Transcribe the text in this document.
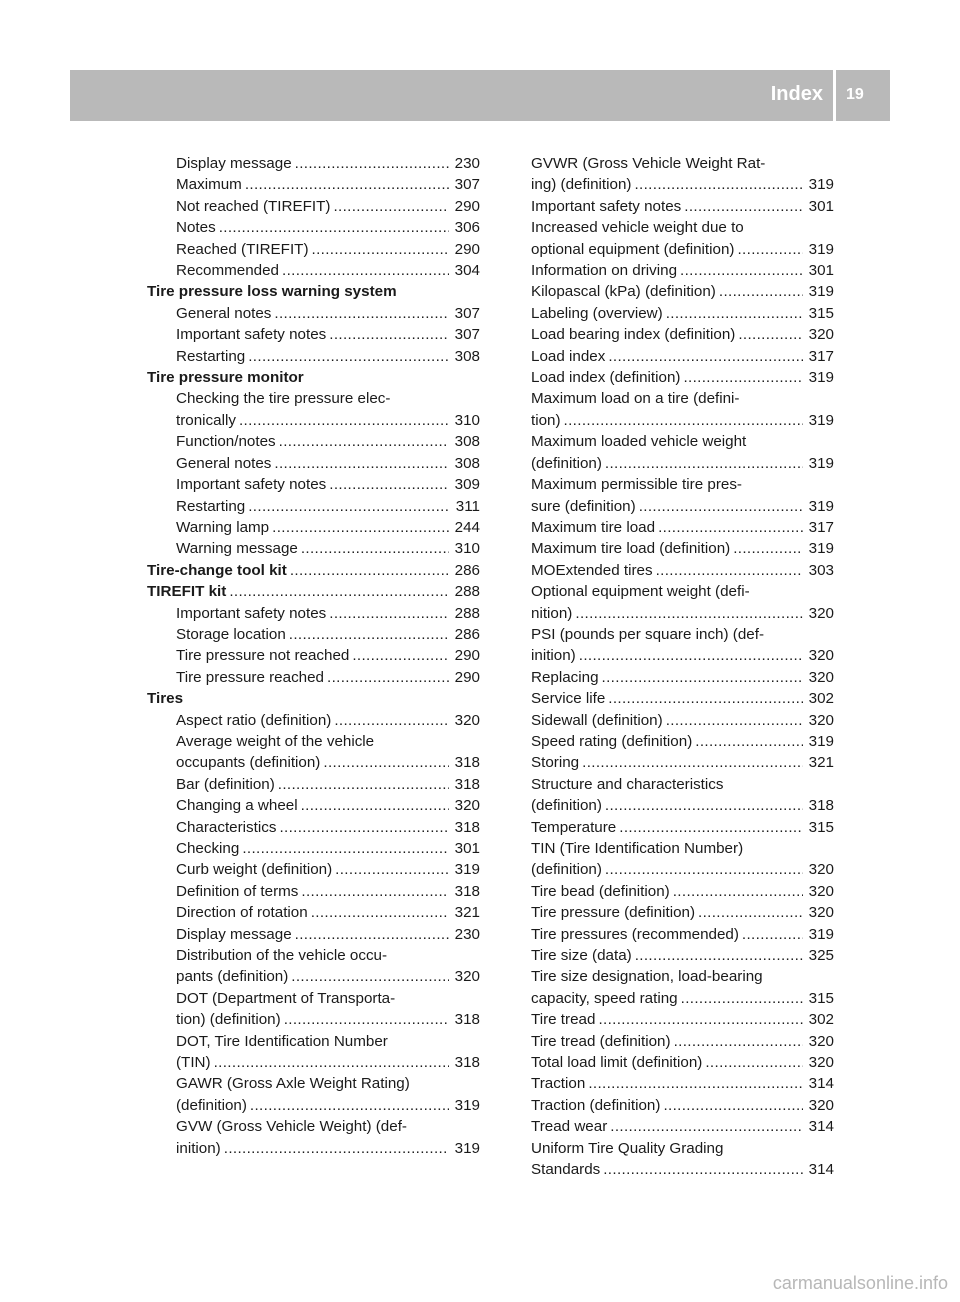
Index 19
Display message .....	230
Maximum .....	307
Not reached (TIREFIT) .....	290
Notes .....	306
Reached (TIREFIT) .....	290
Recommended .....	304
Tire pressure loss warning system
General notes .....	307
Important safety notes .....	307
Restarting .....	308
Tire pressure monitor
Checking the tire pressure elec-
tronically .....	310
Function/notes .....	308
General notes .....	308
Important safety notes .....	309
Restarting .....	311
Warning lamp .....	244
Warning message .....	310
Tire-change tool kit .....	286
TIREFIT kit .....	288
Important safety notes .....	288
Storage location .....	286
Tire pressure not reached .....	290
Tire pressure reached .....	290
Tires
Aspect ratio (definition) .....	320
Average weight of the vehicle
occupants (definition) .....	318
Bar (definition) .....	318
Changing a wheel .....	320
Characteristics .....	318
Checking .....	301
Curb weight (definition) .....	319
Definition of terms .....	318
Direction of rotation .....	321
Display message .....	230
Distribution of the vehicle occu-
pants (definition) .....	320
DOT (Department of Transporta-
tion) (definition) .....	318
DOT, Tire Identification Number
(TIN) .....	318
GAWR (Gross Axle Weight Rating)
(definition) .....	319
GVW (Gross Vehicle Weight) (def-
inition) .....	319
GVWR (Gross Vehicle Weight Rat-
ing) (definition) .....	319
Important safety notes .....	301
Increased vehicle weight due to
optional equipment (definition) .....	319
Information on driving .....	301
Kilopascal (kPa) (definition) .....	319
Labeling (overview) .....	315
Load bearing index (definition) .....	320
Load index .....	317
Load index (definition) .....	319
Maximum load on a tire (defini-
tion) .....	319
Maximum loaded vehicle weight
(definition) .....	319
Maximum permissible tire pres-
sure (definition) .....	319
Maximum tire load .....	317
Maximum tire load (definition) .....	319
MOExtended tires .....	303
Optional equipment weight (defi-
nition) .....	320
PSI (pounds per square inch) (def-
inition) .....	320
Replacing .....	320
Service life .....	302
Sidewall (definition) .....	320
Speed rating (definition) .....	319
Storing .....	321
Structure and characteristics
(definition) .....	318
Temperature .....	315
TIN (Tire Identification Number)
(definition) .....	320
Tire bead (definition) .....	320
Tire pressure (definition) .....	320
Tire pressures (recommended) .....	319
Tire size (data) .....	325
Tire size designation, load-bearing
capacity, speed rating .....	315
Tire tread .....	302
Tire tread (definition) .....	320
Total load limit (definition) .....	320
Traction .....	314
Traction (definition) .....	320
Tread wear .....	314
Uniform Tire Quality Grading
Standards .....	314
carmanualsonline.info
